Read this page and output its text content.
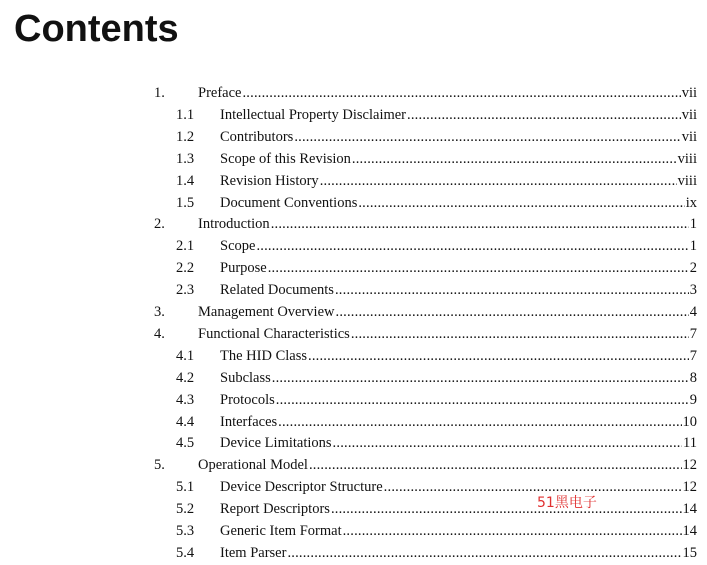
Contents
1. Preface .....	vii
1.1 Intellectual Property Disclaimer .....	vii
1.2 Contributors .....	vii
1.3 Scope of this Revision .....	viii
1.4 Revision History .....	viii
1.5 Document Conventions .....	ix
2. Introduction .....	1
2.1 Scope .....	1
2.2 Purpose .....	2
2.3 Related Documents .....	3
3. Management Overview .....	4
4. Functional Characteristics .....	7
4.1 The HID Class .....	7
4.2 Subclass .....	8
4.3 Protocols .....	9
4.4 Interfaces .....	10
4.5 Device Limitations .....	11
5. Operational Model .....	12
5.1 Device Descriptor Structure .....	12
5.2 Report Descriptors .....	14
5.3 Generic Item Format .....	14
5.4 Item Parser .....	15
51黑电子
